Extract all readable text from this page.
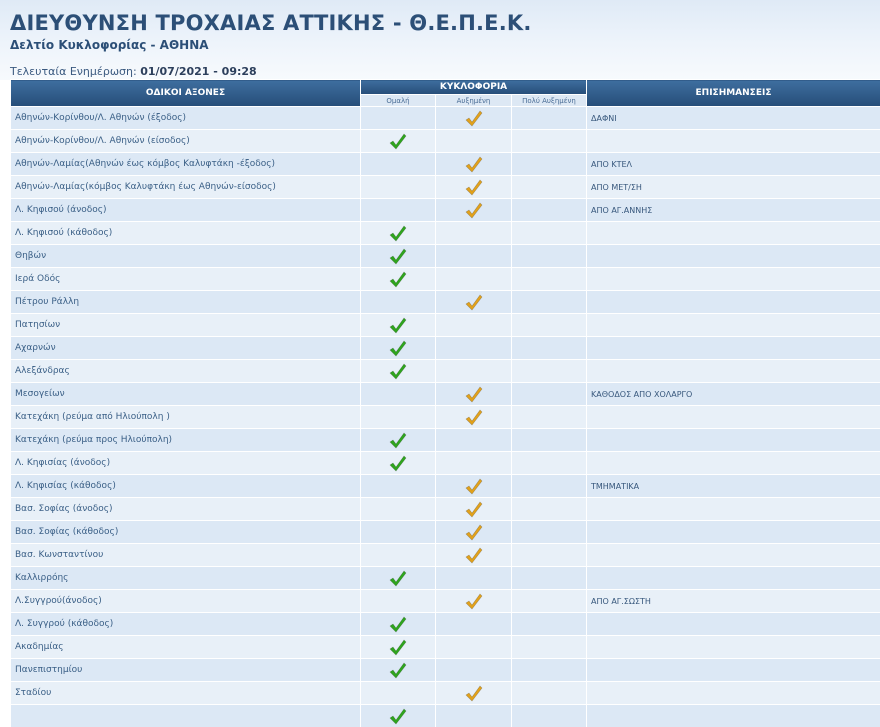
ΔΙΕΥΘΥΝΣΗ ΤΡΟΧΑΙΑΣ ΑΤΤΙΚΗΣ - Θ.Ε.Π.Ε.Κ.
Δελτίο Κυκλοφορίας - ΑΘΗΝΑ
Τελευταία Ενημέρωση: 01/07/2021 - 09:28
ΟΔΙΚΟΙ ΑΞΟΝΕΣ	ΚΥΚΛΟΦΟΡΙΑ			ΕΠΙΣΗΜΑΝΣΕΙΣ
	Ομαλή	Αυξημένη	Πολύ Αυξημένη	
Αθηνών-Κορίνθου/Λ. Αθηνών (έξοδος)				ΔΑΦΝΙ
Αθηνών-Κορίνθου/Λ. Αθηνών (είσοδος)	

Αθηνών-Λαμίας(Αθηνών έως κόμβος Καλυφτάκη -έξοδος)				ΑΠΟ ΚΤΕΛ
Αθηνών-Λαμίας(κόμβος Καλυφτάκη έως Αθηνών-είσοδος)				ΑΠΟ ΜΕΤ/ΣΗ
Λ. Κηφισού (άνοδος)				ΑΠΟ ΑΓ.ΑΝΝΗΣ
Λ. Κηφισού (κάθοδος)	

Θηβών	

Ιερά Οδός	

Πέτρου Ράλλη		

Πατησίων	

Αχαρνών	

Αλεξάνδρας	

Μεσογείων				ΚΑΘΟΔΟΣ ΑΠΟ ΧΟΛΑΡΓΟ
Κατεχάκη (ρεύμα από Ηλιούπολη )		

Κατεχάκη (ρεύμα προς Ηλιούπολη)	

Λ. Κηφισίας (άνοδος)	

Λ. Κηφισίας (κάθοδος)				ΤΜΗΜΑΤΙΚΑ
Βασ. Σοφίας (άνοδος)		

Βασ. Σοφίας (κάθοδος)		

Βασ. Κωνσταντίνου		

Καλλιρρόης	

Λ.Συγγρού(άνοδος)				ΑΠΟ ΑΓ.ΣΩΣΤΗ
Λ. Συγγρού (κάθοδος)	

Ακαδημίας	

Πανεπιστημίου	

Σταδίου		
